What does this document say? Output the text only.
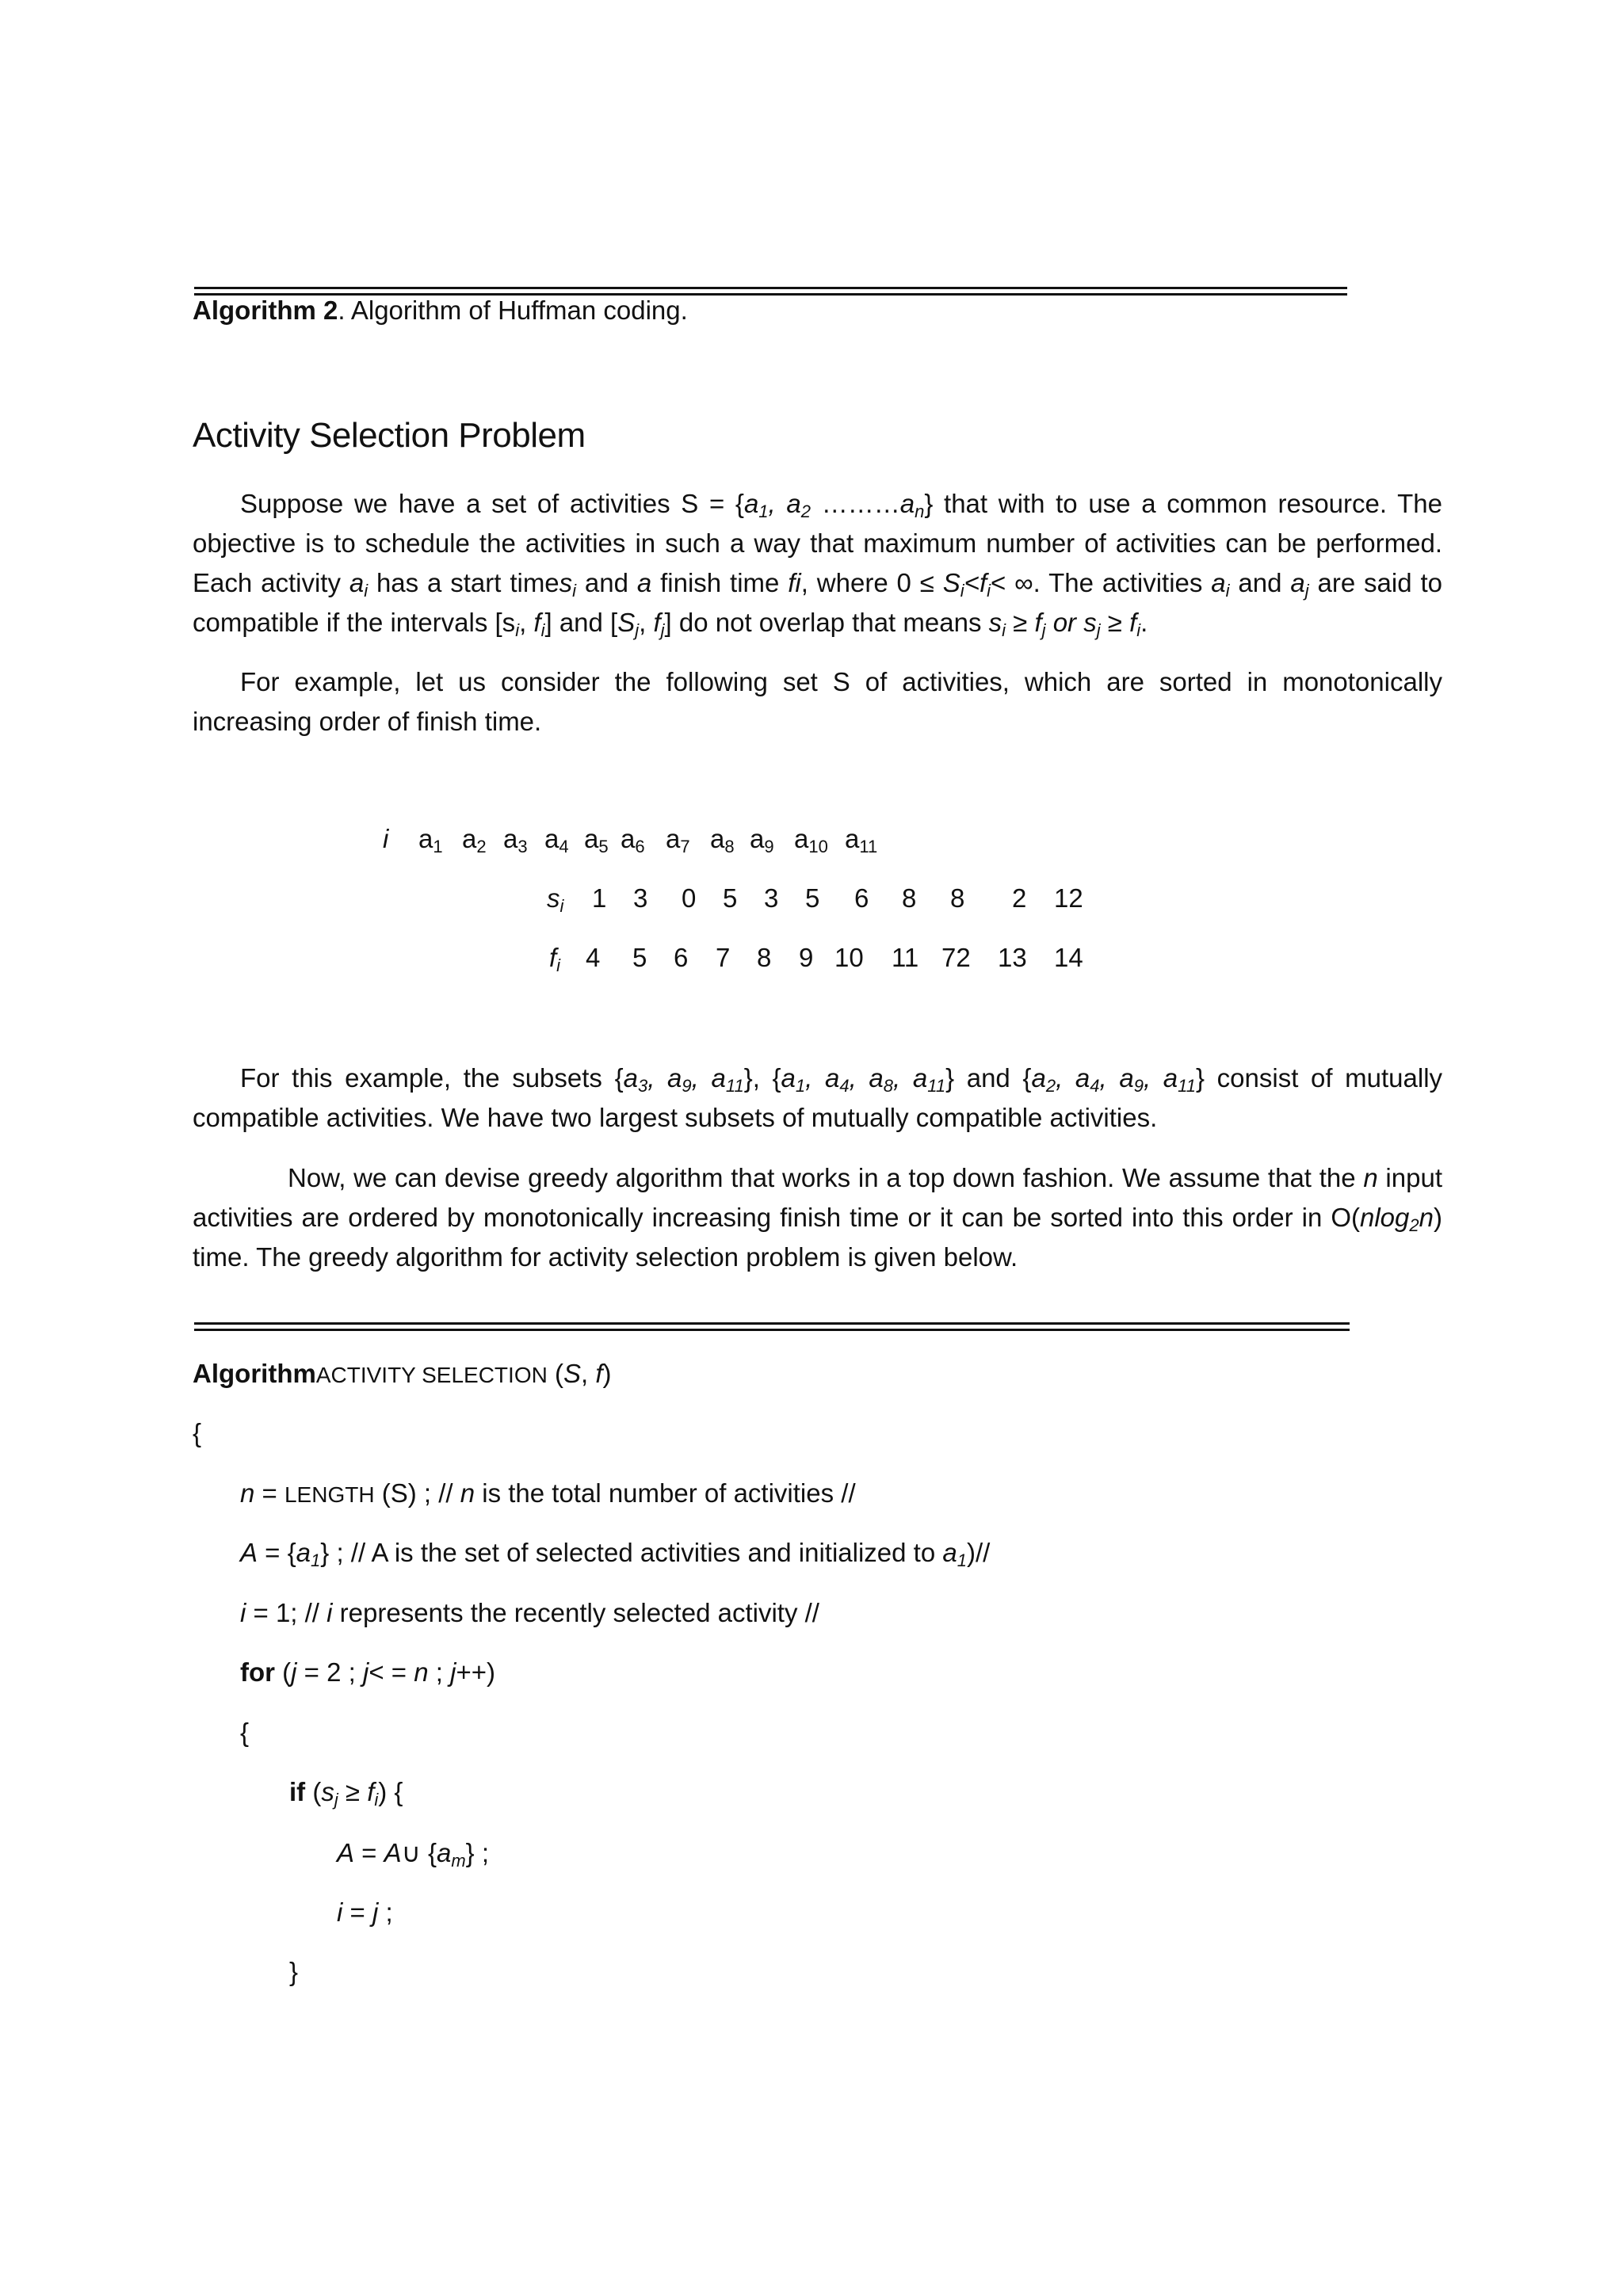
Algorithm 2. Algorithm of Huffman coding.
Activity Selection Problem

Suppose we have a set of activities $S = \{a_1$, $a_2$ $\dots\dots\dots a_n$} that with to use a common resource. The objective is to schedule the activities in such a way that maximum number of activities can be performed. Each activity $a_i$ has a start times$_i$ and a finish time fi, where $0 \le S_i<f_i<$ ∞. The activities $a_i$ and $a_j$ are said to compatible if the intervals [$s_i$, $f_i$] and [$S_j$, $f_j$] do not overlap that means $s_i \ge f_j$ or $s_j \ge f_i$.

For example, let us consider the following set S of activities, which are sorted in monotonically increasing order of finish time.

i $a_1$ $a_2$ $a_3$ $a_4$ $a_5$ $a_6$ $a_7$ $a_8$ $a_9$ $a_{10}$ $a_{11}$
$s_i$ 1 3 0 5 3 5 6 8 8 2 12
$f_i$ 4 5 6 7 8 9 10 11 72 13 14

For this example, the subsets {$a_3$, $a_9$, $a_{11}$}, {$a_1$, $a_4$, $a_8$, $a_{11}$} and {$a_2$, $a_4$, $a_9$, $a_{11}$} consist of mutually compatible activities. We have two largest subsets of mutually compatible activities.

Now, we can devise greedy algorithm that works in a top down fashion. We assume that the n input activities are ordered by monotonically increasing finish time or it can be sorted into this order in O(nlog$_2$n) time. The greedy algorithm for activity selection problem is given below.

AlgorithmACTIVITY SELECTION (S, f)
{
n = LENGTH (S) ; // n is the total number of activities //
$A = \{a_1\}$ ; // A is the set of selected activities and initialized to $a_1)//$
i = 1; // i represents the recently selected activity //
for (j = 2 ; j< = n ; j++)
{
if $(s_j \ge f_i)$ {
A = A∪ $\{a_m\}$ ;
i = j ;
}
